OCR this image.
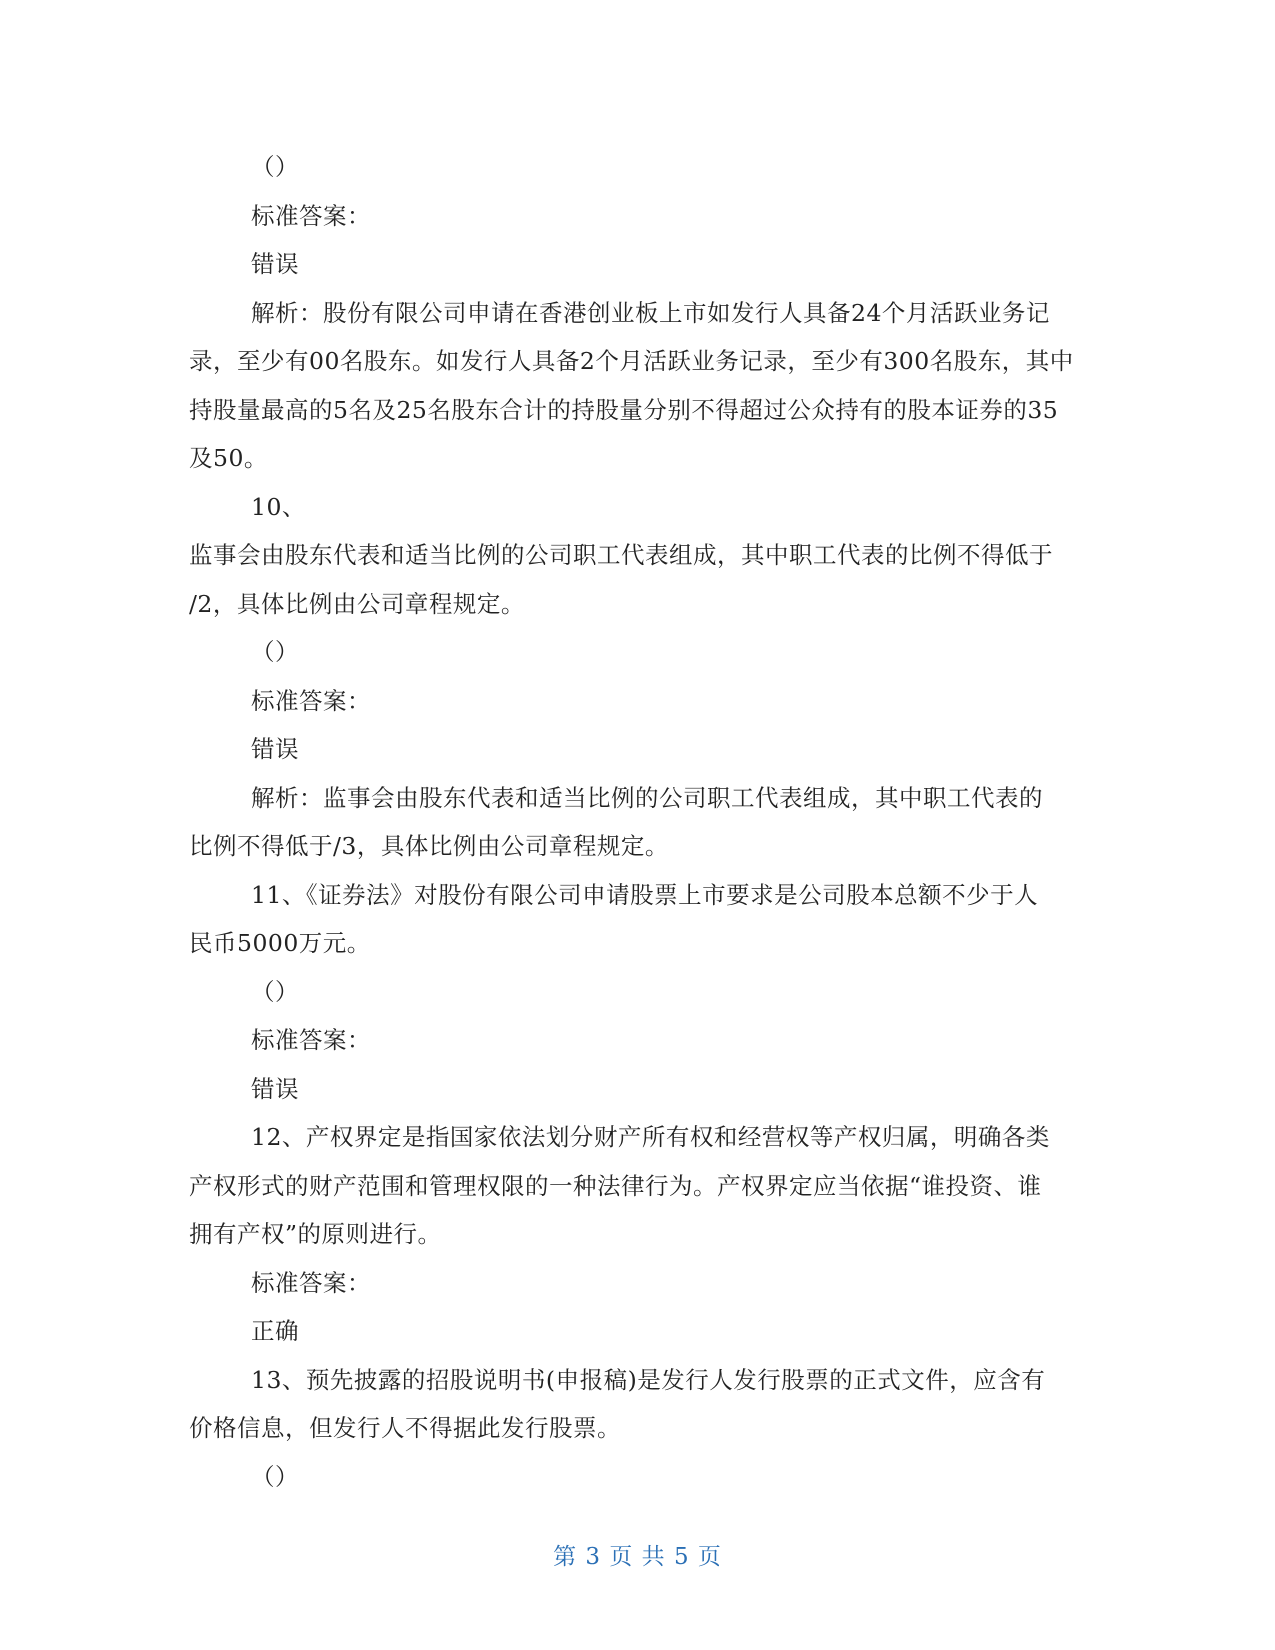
（）
标准答案：
错误
解析：股份有限公司申请在香港创业板上市如发行人具备24个月活跃业务记
录，至少有00名股东。如发行人具备2个月活跃业务记录，至少有300名股东，其中
持股量最高的5名及25名股东合计的持股量分别不得超过公众持有的股本证券的35
及50。
10、
监事会由股东代表和适当比例的公司职工代表组成，其中职工代表的比例不得低于
/2，具体比例由公司章程规定。
（）
标准答案：
错误
解析：监事会由股东代表和适当比例的公司职工代表组成，其中职工代表的
比例不得低于/3，具体比例由公司章程规定。
11、《证券法》对股份有限公司申请股票上市要求是公司股本总额不少于人
民币5000万元。
（）
标准答案：
错误
12、产权界定是指国家依法划分财产所有权和经营权等产权归属，明确各类
产权形式的财产范围和管理权限的一种法律行为。产权界定应当依据“谁投资、谁
拥有产权”的原则进行。
标准答案：
正确
13、预先披露的招股说明书(申报稿)是发行人发行股票的正式文件，应含有
价格信息，但发行人不得据此发行股票。
（）
第 3 页 共 5 页
